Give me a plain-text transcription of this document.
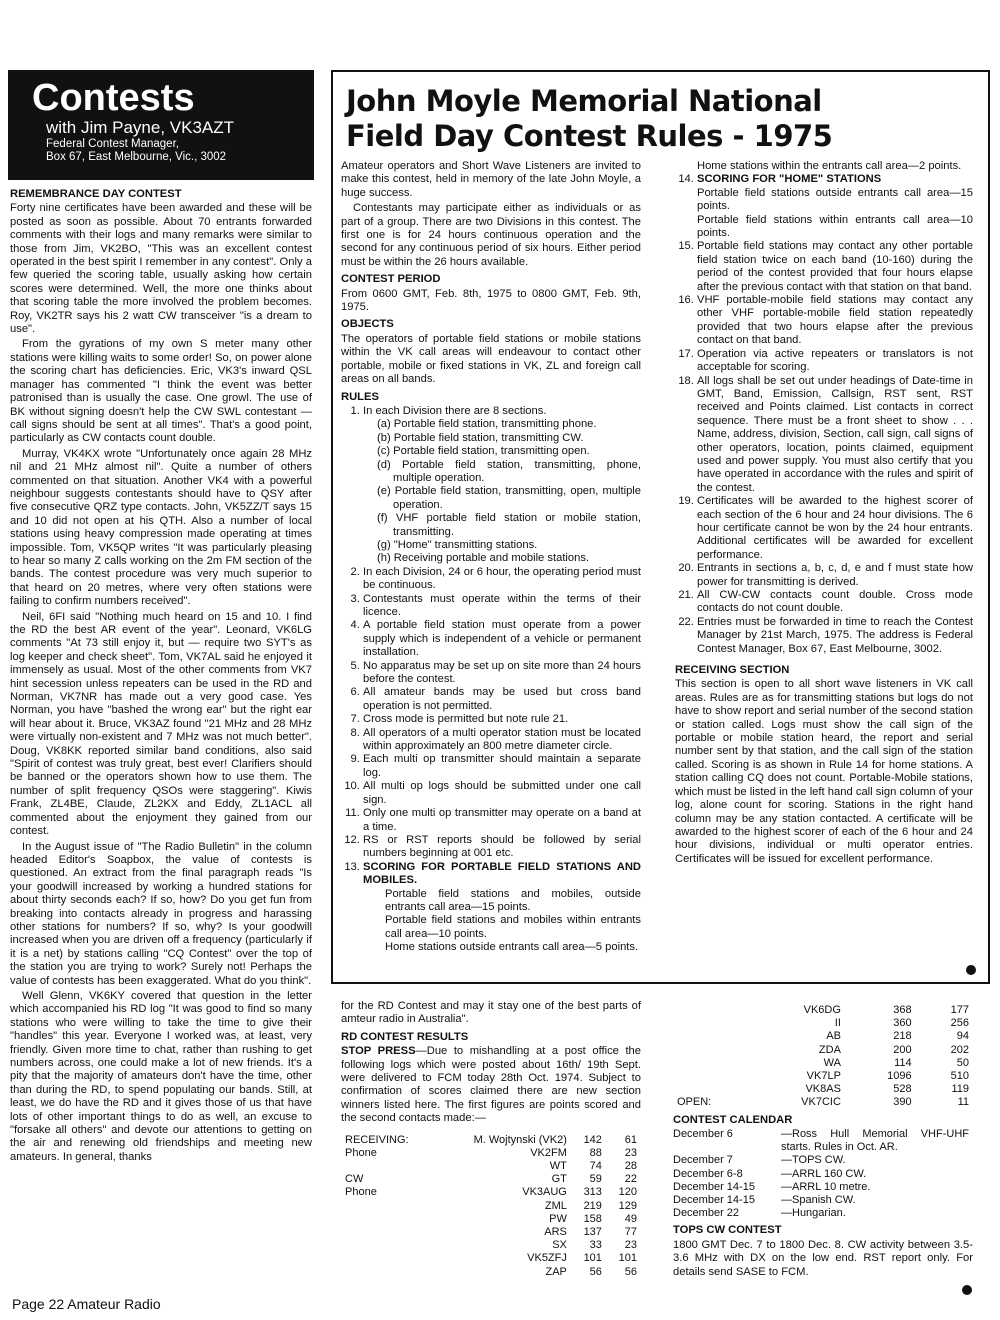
Contests
with Jim Payne, VK3AZT
Federal Contest Manager,
Box 67, East Melbourne, Vic., 3002
REMEMBRANCE DAY CONTEST

Forty nine certificates have been awarded and these will be posted as soon as possible. About 70 entrants forwarded comments with their logs and many remarks were similar to those from Jim, VK2BO, "This was an excellent contest operated in the best spirit I remember in any contest". Only a few queried the scoring table, usually asking how certain scores were determined. Well, the more one thinks about that scoring table the more involved the problem becomes. Roy, VK2TR says his 2 watt CW transceiver "is a dream to use".

From the gyrations of my own S meter many other stations were killing waits to some order! So, on power alone the scoring chart has deficiencies. Eric, VK3's inward QSL manager has commented "I think the event was better patronised than is usually the case. One growl. The use of BK without signing doesn't help the CW SWL contestant — call signs should be sent at all times". That's a good point, particularly as CW contacts count double.

Murray, VK4KX wrote "Unfortunately once again 28 MHz nil and 21 MHz almost nil". Quite a number of others commented on that situation. Another VK4 with a powerful neighbour suggests contestants should have to QSY after five consecutive QRZ type contacts. John, VK5ZZ/T says 15 and 10 did not open at his QTH. Also a number of local stations using heavy compression made operating at times impossible. Tom, VK5QP writes "It was particularly pleasing to hear so many Z calls working on the 2m FM section of the bands. The contest procedure was very much superior to that heard on 20 metres, where very often stations were failing to confirm numbers received".

Neil, 6FI said "Nothing much heard on 15 and 10. I find the RD the best AR event of the year". Leonard, VK6LG comments "At 73 still enjoy it, but — require two SYT's as log keeper and check sheet". Tom, VK7AL said he enjoyed it immensely as usual. Most of the other comments from VK7 hint secession unless repeaters can be used in the RD and Norman, VK7NR has made out a very good case. Yes Norman, you have "bashed the wrong ear" but the right ear will hear about it. Bruce, VK3AZ found "21 MHz and 28 MHz were virtually non-existent and 7 MHz was not much better". Doug, VK8KK reported similar band conditions, also said "Spirit of contest was truly great, best ever! Clarifiers should be banned or the operators shown how to use them. The number of split frequency QSOs were staggering". Kiwis Frank, ZL4BE, Claude, ZL2KX and Eddy, ZL1ACL all commented about the enjoyment they gained from our contest.

In the August issue of "The Radio Bulletin" in the column headed Editor's Soapbox, the value of contests is questioned. An extract from the final paragraph reads "Is your goodwill increased by working a hundred stations for about thirty seconds each? If so, how? Do you get fun from breaking into contacts already in progress and harassing other stations for numbers? If so, why? Is your goodwill increased when you are driven off a frequency (particularly if it is a net) by stations calling "CQ Contest" over the top of the station you are trying to work? Surely not! Perhaps the value of contests has been exaggerated. What do you think".

Well Glenn, VK6KY covered that question in the letter which accompanied his RD log "It was good to find so many stations who were willing to take the time to give their "handles" this year. Everyone I worked was, at least, very friendly. Given more time to chat, rather than rushing to get numbers across, one could make a lot of new friends. It's a pity that the majority of amateurs don't have the time, other than during the RD, to spend populating our bands. Still, at least, we do have the RD and it gives those of us that have lots of other important things to do as well, an excuse to "forsake all others" and devote our attentions to getting on the air and renewing old friendships and meeting new amateurs. In general, thanks

John Moyle Memorial National
Field Day Contest Rules - 1975

Amateur operators and Short Wave Listeners are invited to make this contest, held in memory of the late John Moyle, a huge success.

Contestants may participate either as individuals or as part of a group. There are two Divisions in this contest. The first one is for 24 hours continuous operation and the second for any continuous period of six hours. Either period must be within the 26 hours available.

CONTEST PERIOD

From 0600 GMT, Feb. 8th, 1975 to 0800 GMT, Feb. 9th, 1975.

OBJECTS

The operators of portable field stations or mobile stations within the VK call areas will endeavour to contact other portable, mobile or fixed stations in VK, ZL and foreign call areas on all bands.

RULES
1. In each Division there are 8 sections.
(a) Portable field station, transmitting phone.
(b) Portable field station, transmitting CW.
(c) Portable field station, transmitting open.
(d) Portable field station, transmitting, phone, multiple operation.
(e) Portable field station, transmitting, open, multiple operation.
(f) VHF portable field station or mobile station, transmitting.
(g) "Home" transmitting stations.
(h) Receiving portable and mobile stations.
2. In each Division, 24 or 6 hour, the operating period must be continuous.
3. Contestants must operate within the terms of their licence.
4. A portable field station must operate from a power supply which is independent of a vehicle or permanent installation.
5. No apparatus may be set up on site more than 24 hours before the contest.
6. All amateur bands may be used but cross band operation is not permitted.
7. Cross mode is permitted but note rule 21.
8. All operators of a multi operator station must be located within approximately an 800 metre diameter circle.
9. Each multi op transmitter should maintain a separate log.
10. All multi op logs should be submitted under one call sign.
11. Only one multi op transmitter may operate on a band at a time.
12. RS or RST reports should be followed by serial numbers beginning at 001 etc.
13. SCORING FOR PORTABLE FIELD STATIONS AND MOBILES.

Portable field stations and mobiles, outside entrants call area—15 points.

Portable field stations and mobiles within entrants call area—10 points.

Home stations outside entrants call area—5 points.

Home stations within the entrants call area—2 points.

14. SCORING FOR "HOME" STATIONS

Portable field stations outside entrants call area—15 points.

Portable field stations within entrants call area—10 points.

15. Portable field stations may contact any other portable field station twice on each band (10-160) during the period of the contest provided that four hours elapse after the previous contact with that station on that band.
16. VHF portable-mobile field stations may contact any other VHF portable-mobile field station repeatedly provided that two hours elapse after the previous contact on that band.
17. Operation via active repeaters or translators is not acceptable for scoring.
18. All logs shall be set out under headings of Date-time in GMT, Band, Emission, Callsign, RST sent, RST received and Points claimed. List contacts in correct sequence. There must be a front sheet to show . . . Name, address, division, Section, call sign, call signs of other operators, location, points claimed, equipment used and power supply. You must also certify that you have operated in accordance with the rules and spirit of the contest.
19. Certificates will be awarded to the highest scorer of each section of the 6 hour and 24 hour divisions. The 6 hour certificate cannot be won by the 24 hour entrants. Additional certificates will be awarded for excellent performance.
20. Entrants in sections a, b, c, d, e and f must state how power for transmitting is derived.
21. All CW-CW contacts count double. Cross mode contacts do not count double.
22. Entries must be forwarded in time to reach the Contest Manager by 21st March, 1975. The address is Federal Contest Manager, Box 67, East Melbourne, 3002.
RECEIVING SECTION

This section is open to all short wave listeners in VK call areas. Rules are as for transmitting stations but logs do not have to show report and serial number of the second station or station called. Logs must show the call sign of the portable or mobile station heard, the report and serial number sent by that station, and the call sign of the station called. Scoring is as shown in Rule 14 for home stations. A station calling CQ does not count. Portable-Mobile stations, which must be listed in the left hand call sign column of your log, alone count for scoring. Stations in the right hand column may be any station contacted. A certificate will be awarded to the highest scorer of each of the 6 hour and 24 hour divisions, individual or multi operator entries. Certificates will be issued for excellent performance.

for the RD Contest and may it stay one of the best parts of amteur radio in Australia".

RD CONTEST RESULTS

STOP PRESS—Due to mishandling at a post office the following logs which were posted about 16th/ 19th Sept. were delivered to FCM today 28th Oct. 1974. Subject to confirmation of scores claimed there are new section winners listed here. The first figures are points scored and the second contacts made:—

RECEIVING:	M. Wojtynski (VK2)	142	61
Phone	VK2FM	88	23
	WT	74	28
CW	GT	59	22
Phone	VK3AUG	313	120
	ZML	219	129
	PW	158	49
	ARS	137	77
	SX	33	23
	VK5ZFJ	101	101
	ZAP	56	56
	VK6DG	368	177
	II	360	256
	AB	218	94
	ZDA	200	202
	WA	114	50
	VK7LP	1096	510
	VK8AS	528	119
OPEN:	VK7CIC	390	11
CONTEST CALENDAR
December 6	—Ross Hull Memorial VHF-UHF starts. Rules in Oct. AR.
December 7	—TOPS CW.
December 6-8	—ARRL 160 CW.
December 14-15	—ARRL 10 metre.
December 14-15	—Spanish CW.
December 22	—Hungarian.
TOPS CW CONTEST

1800 GMT Dec. 7 to 1800 Dec. 8. CW activity between 3.5-3.6 MHz with DX on the low end. RST report only. For details send SASE to FCM.

Page 22 Amateur Radio
